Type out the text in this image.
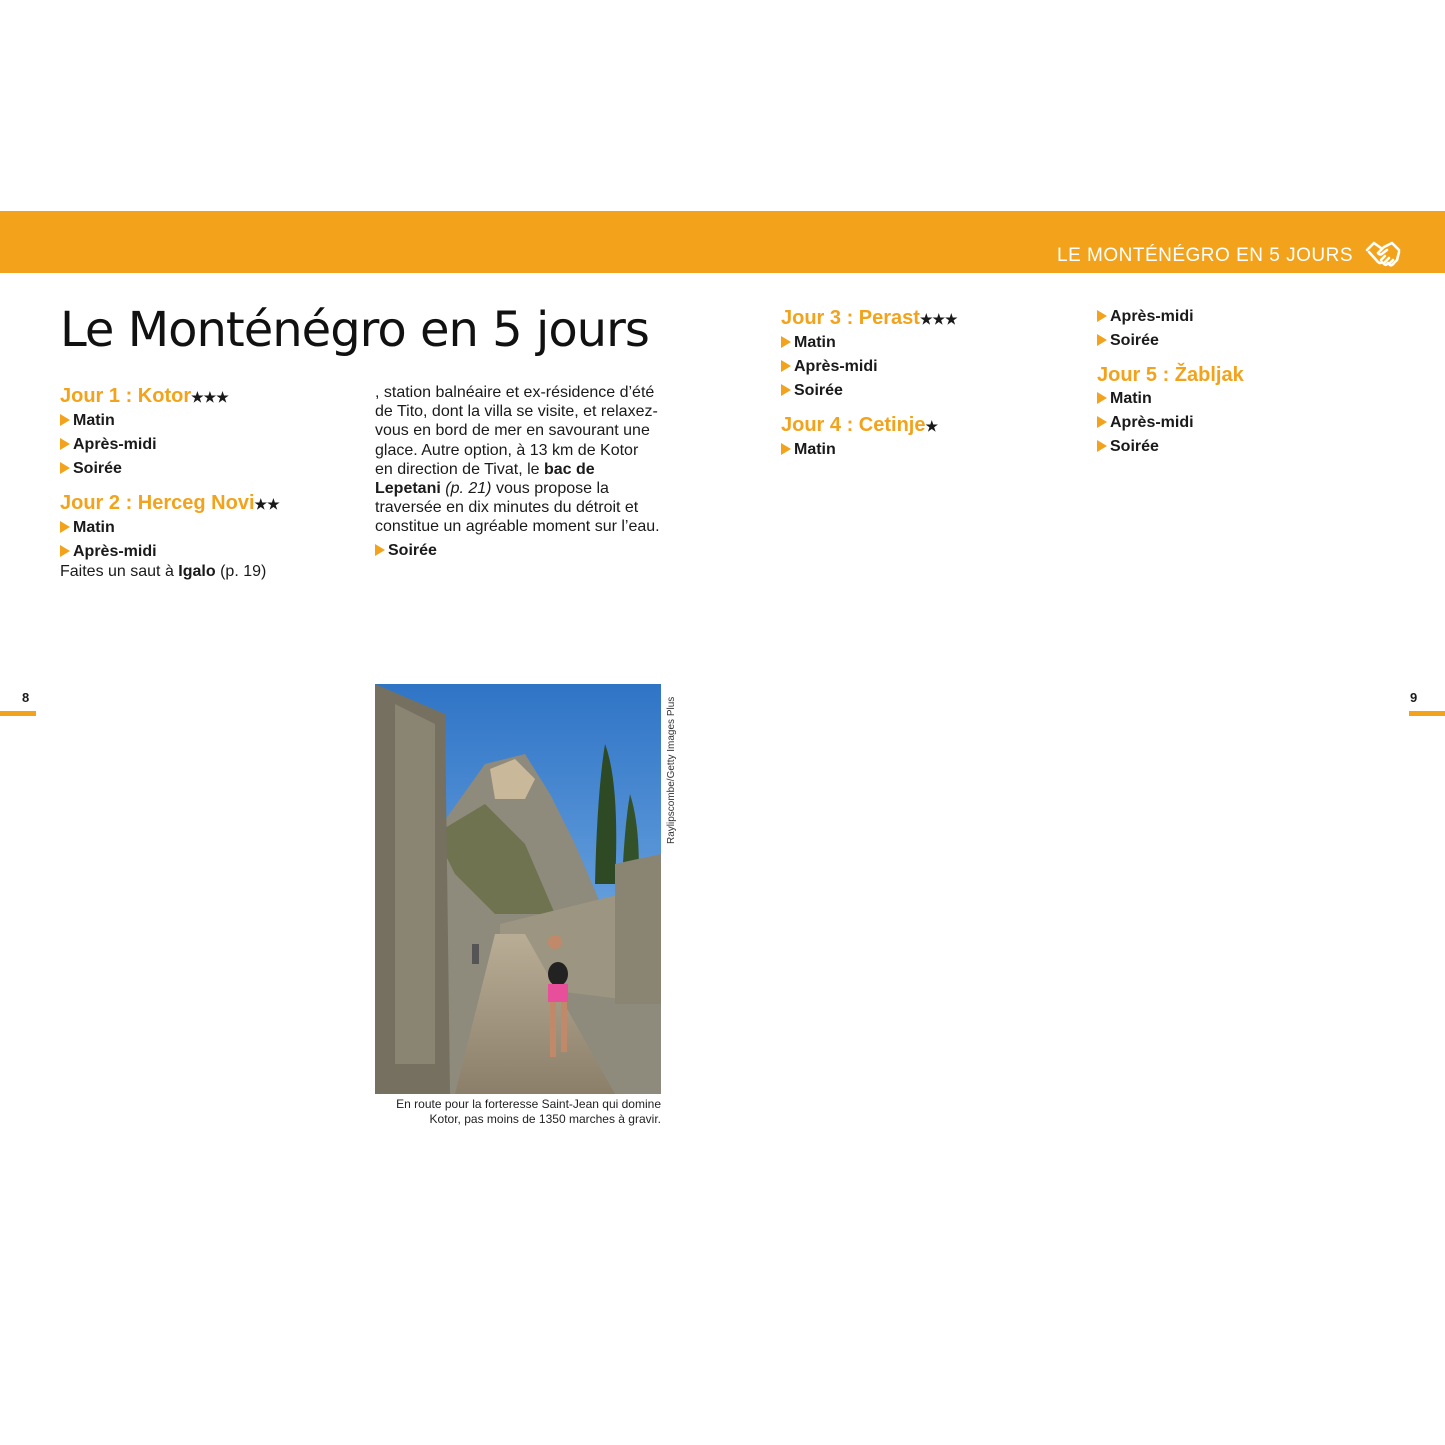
LE MONTÉNÉGRO EN 5 JOURS
8	9
Le Monténégro en 5 jours
Jour 1 : Kotor★★★
Matin

Après-midi

Soirée

Jour 2 : Herceg Novi★★
Matin

Après-midi

Faites un saut à Igalo (p. 19)

, station balnéaire et ex-résidence d’été de Tito, dont la villa se visite, et relaxez-vous en bord de mer en savourant une glace. Autre option, à 13 km de Kotor en direction de Tivat, le bac de Lepetani (p. 21) vous propose la traversée en dix minutes du détroit et constitue un agréable moment sur l’eau.

Soirée

Raylipscombe/Getty Images Plus
En route pour la forteresse Saint-Jean qui domine Kotor, pas moins de 1350 marches à gravir.
Jour 3 : Perast★★★
Matin

Après-midi

Soirée

Jour 4 : Cetinje★
Matin

Après-midi

Soirée

Jour 5 : Žabljak
Matin

Après-midi

Soirée
